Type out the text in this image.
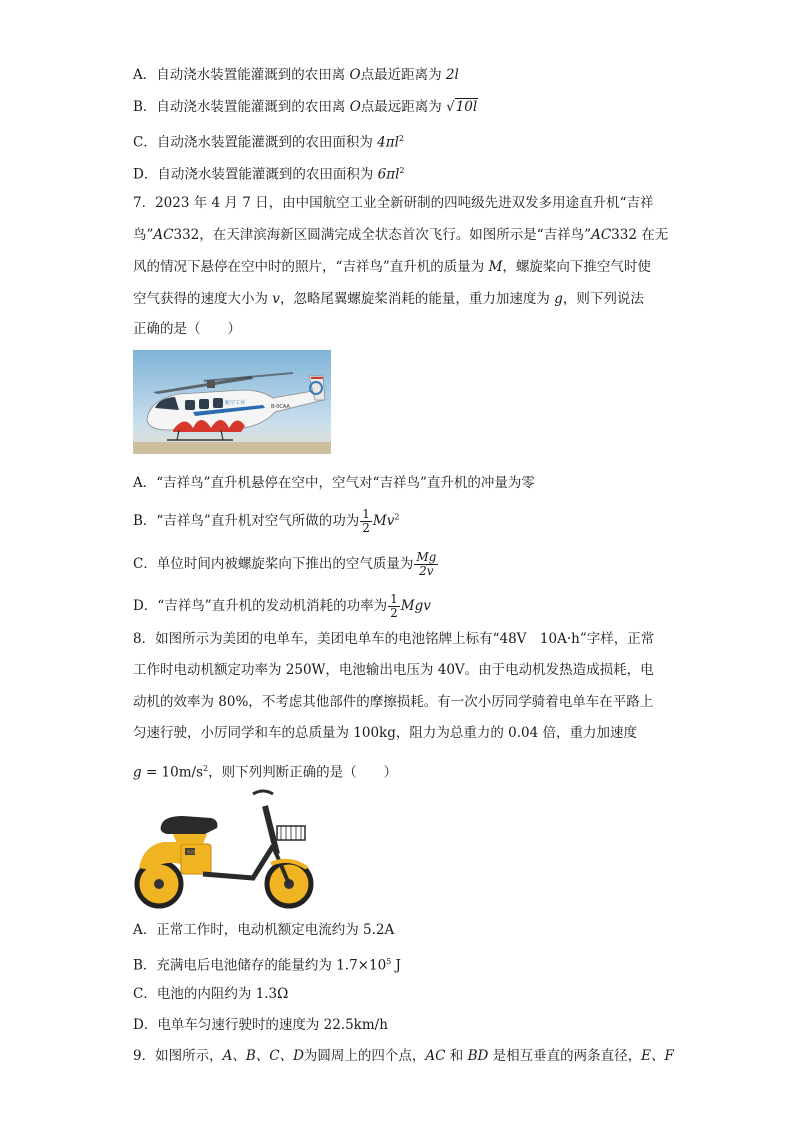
A．自动浇水装置能灌溉到的农田离 O点最近距离为 2l
B．自动浇水装置能灌溉到的农田离 O点最远距离为 √10l
C．自动浇水装置能灌溉到的农田面积为 $4\pi l^2$
D．自动浇水装置能灌溉到的农田面积为 $6\pi l^2$
7．2023 年 4 月 7 日，由中国航空工业全新研制的四吨级先进双发多用途直升机“吉祥
鸟”AC332，在天津滨海新区圆满完成全状态首次飞行。如图所示是“吉祥鸟”AC332 在无
风的情况下悬停在空中时的照片，“吉祥鸟”直升机的质量为 M，螺旋桨向下推空气时使
空气获得的速度大小为 v，忽略尾翼螺旋桨消耗的能量，重力加速度为 g，则下列说法
正确的是（　　）
航空工业
B-0CAA
A．“吉祥鸟”直升机悬停在空中，空气对“吉祥鸟”直升机的冲量为零
B．“吉祥鸟”直升机对空气所做的功为 $\frac{1}{2} Mv^2$
C．单位时间内被螺旋桨向下推出的空气质量为 $\frac{Mg}{2v}$
D．“吉祥鸟”直升机的发动机消耗的功率为 $\frac{1}{2}$ Mgv
8．如图所示为美团的电单车，美团电单车的电池铭牌上标有“48V　10A·h”字样，正常
工作时电动机额定功率为 250W，电池输出电压为 40V。由于电动机发热造成损耗，电
动机的效率为 80%，不考虑其他部件的摩擦损耗。有一次小厉同学骑着电单车在平路上
匀速行驶，小厉同学和车的总质量为 100kg，阻力为总重力的 0.04 倍，重力加速度
$g = 10m/s^2$，则下列判断正确的是（　　）
美团
A．正常工作时，电动机额定电流约为 5.2A
B．充满电后电池储存的能量约为 $1.7\times 10^5$ J
C．电池的内阻约为 1.3Ω
D．电单车匀速行驶时的速度为 22.5km/h
9．如图所示，A、B、C、D为圆周上的四个点，AC 和 BD 是相互垂直的两条直径，E、F
